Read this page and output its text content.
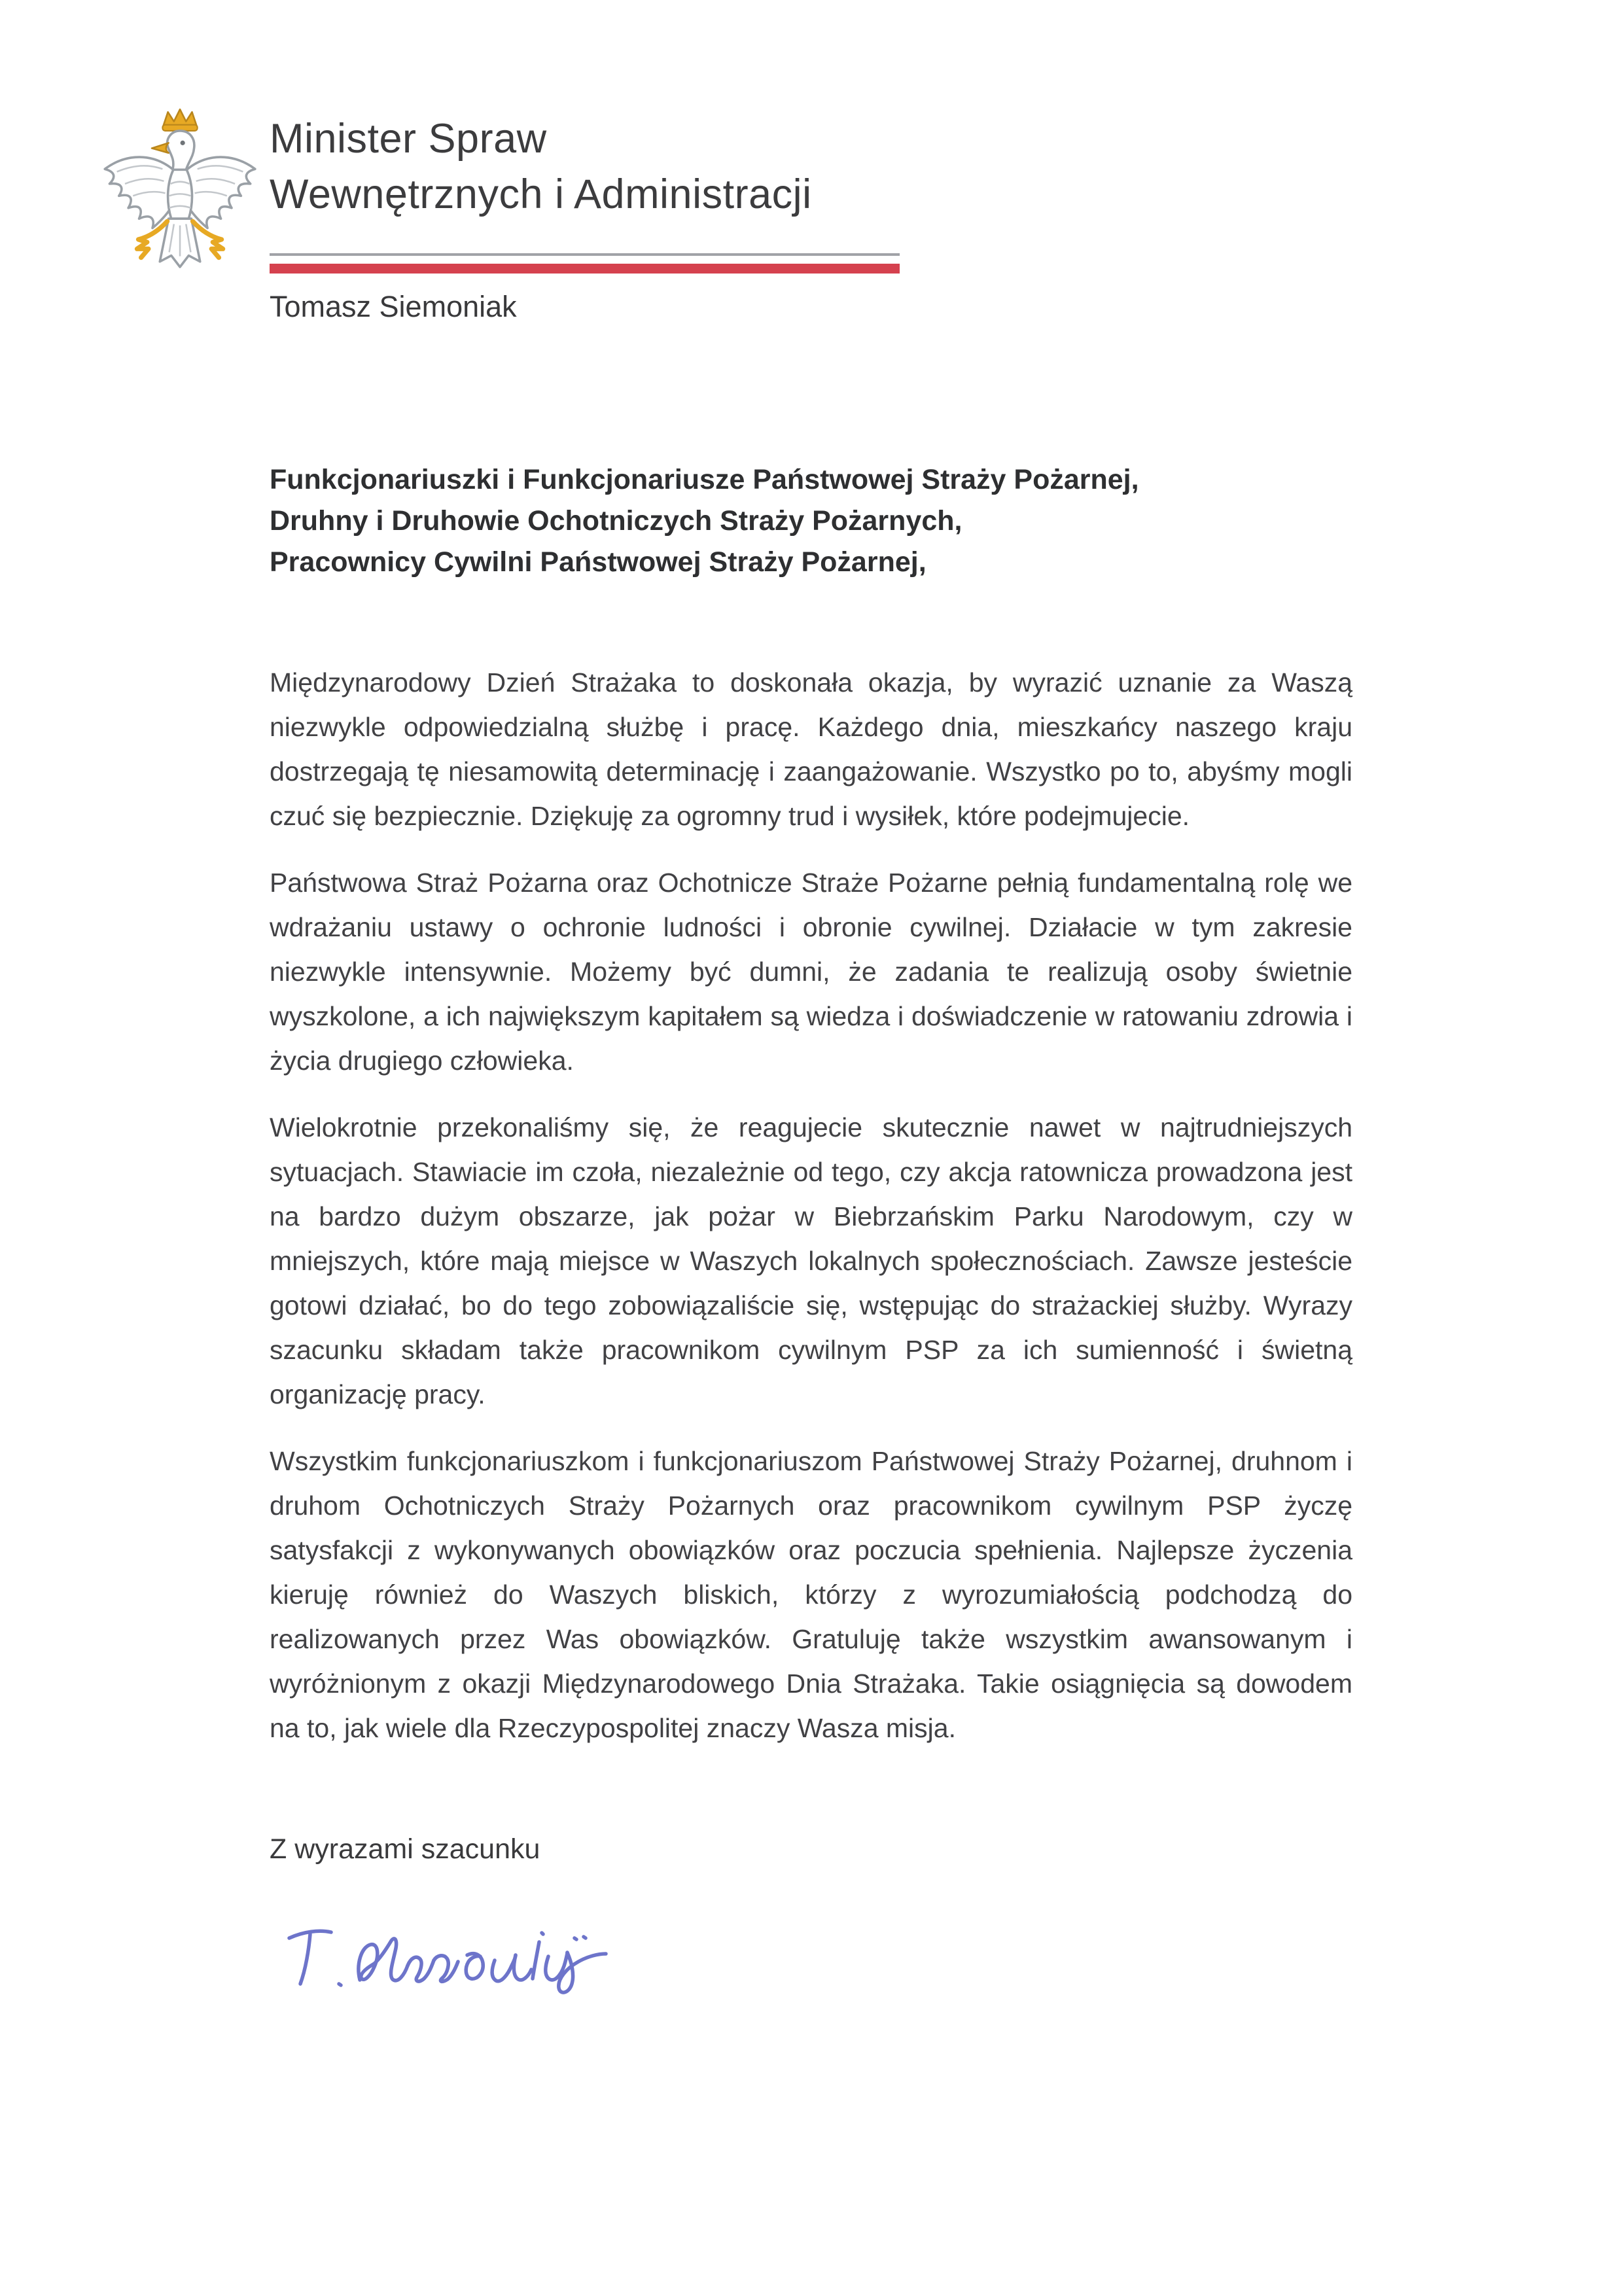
Minister Spraw
Wewnętrznych i Administracji
Tomasz Siemoniak
Funkcjonariuszki i Funkcjonariusze Państwowej Straży Pożarnej,
Druhny i Druhowie Ochotniczych Straży Pożarnych,
Pracownicy Cywilni Państwowej Straży Pożarnej,

Międzynarodowy Dzień Strażaka to doskonała okazja, by wyrazić uznanie za Waszą niezwykle odpowiedzialną służbę i pracę. Każdego dnia, mieszkańcy naszego kraju dostrzegają tę niesamowitą determinację i zaangażowanie. Wszystko po to, abyśmy mogli czuć się bezpiecznie. Dziękuję za ogromny trud i wysiłek, które podejmujecie.

Państwowa Straż Pożarna oraz Ochotnicze Straże Pożarne pełnią fundamentalną rolę we wdrażaniu ustawy o ochronie ludności i obronie cywilnej. Działacie w tym zakresie niezwykle intensywnie. Możemy być dumni, że zadania te realizują osoby świetnie wyszkolone, a ich największym kapitałem są wiedza i doświadczenie w ratowaniu zdrowia i życia drugiego człowieka.

Wielokrotnie przekonaliśmy się, że reagujecie skutecznie nawet w najtrudniejszych sytuacjach. Stawiacie im czoła, niezależnie od tego, czy akcja ratownicza prowadzona jest na bardzo dużym obszarze, jak pożar w Biebrzańskim Parku Narodowym, czy w mniejszych, które mają miejsce w Waszych lokalnych społecznościach. Zawsze jesteście gotowi działać, bo do tego zobowiązaliście się, wstępując do strażackiej służby. Wyrazy szacunku składam także pracownikom cywilnym PSP za ich sumienność i świetną organizację pracy.

Wszystkim funkcjonariuszkom i funkcjonariuszom Państwowej Straży Pożarnej, druhnom i druhom Ochotniczych Straży Pożarnych oraz pracownikom cywilnym PSP życzę satysfakcji z wykonywanych obowiązków oraz poczucia spełnienia. Najlepsze życzenia kieruję również do Waszych bliskich, którzy z wyrozumiałością podchodzą do realizowanych przez Was obowiązków. Gratuluję także wszystkim awansowanym i wyróżnionym z okazji Międzynarodowego Dnia Strażaka. Takie osiągnięcia są dowodem na to, jak wiele dla Rzeczypospolitej znaczy Wasza misja.

Z wyrazami szacunku
